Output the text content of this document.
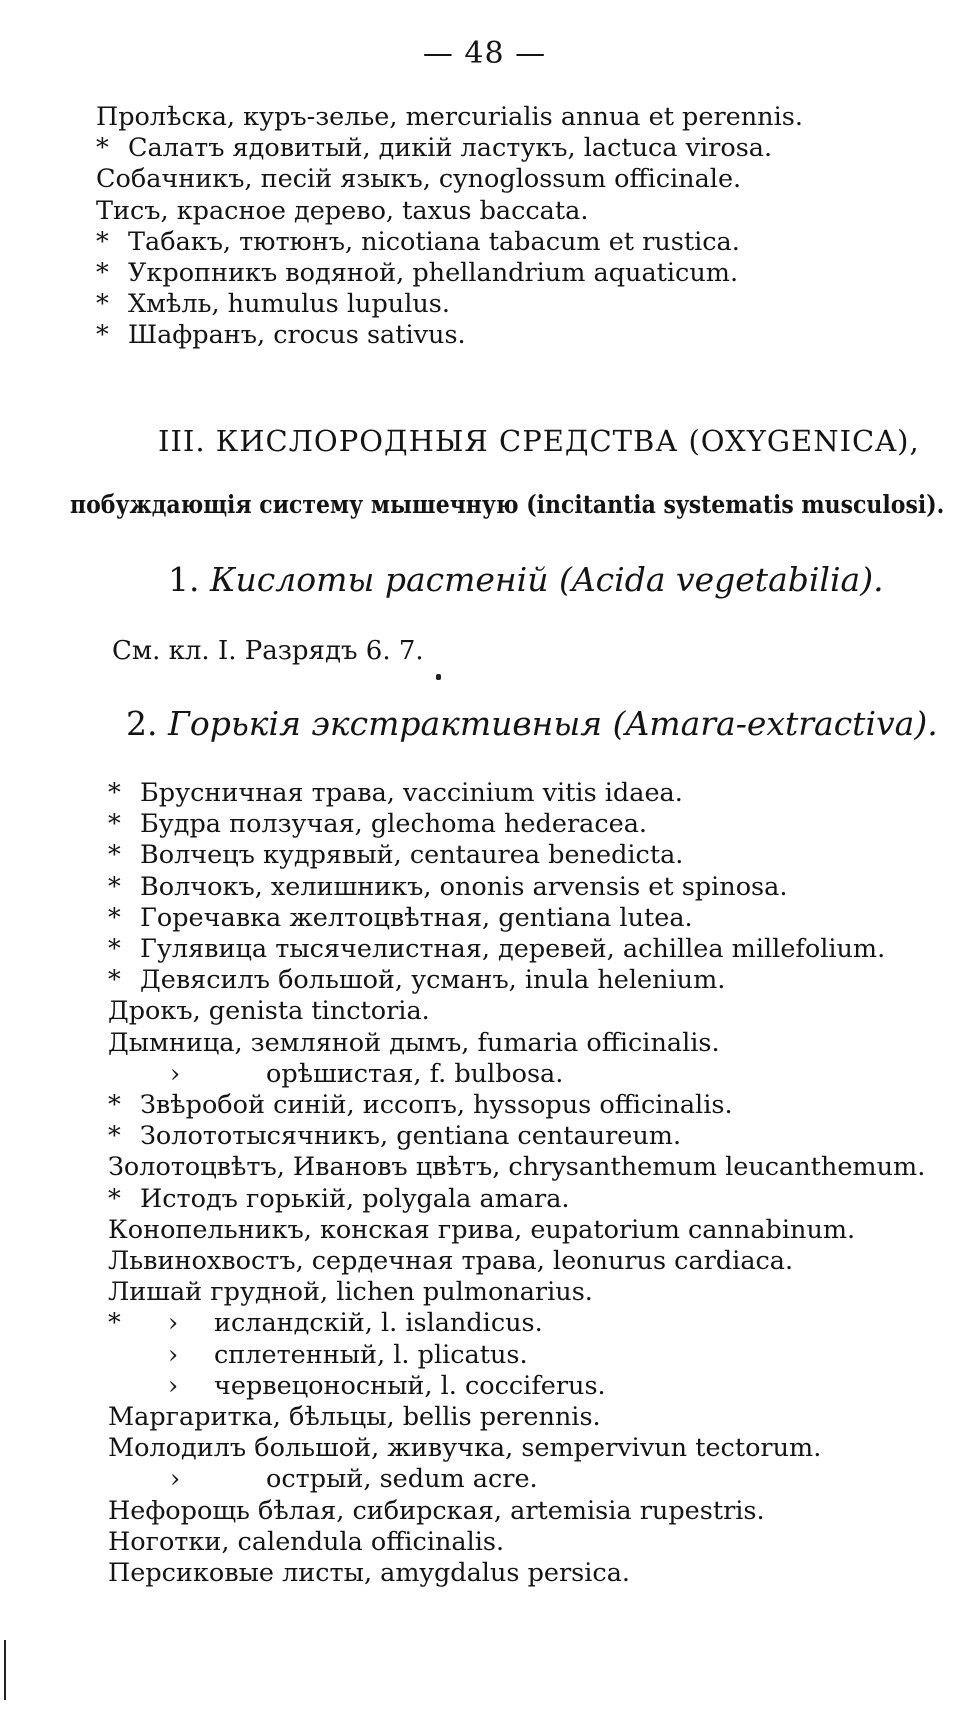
— 48 —
Пролѣска, куръ-зелье, mercurialis annua et perennis.
* Салатъ ядовитый, дикiй ластукъ, lactuca virosa.
Собачникъ, песiй языкъ, cynoglossum officinale.
Тисъ, красное дерево, taxus baccata.
* Табакъ, тютюнъ, nicotiana tabacum et rustica.
* Укропникъ водяной, phellandrium aquaticum.
* Хмѣль, humulus lupulus.
* Шафранъ, crocus sativus.
III. КИСЛОРОДНЫЯ СРЕДСТВА (OXYGENICA),
побуждающiя систему мышечную (incitantia systematis musculosi).
1. Кислоты растенiй (Acida vegetabilia).
См. кл. I. Разрядъ 6. 7.
2. Горькiя экстрактивныя (Amara-extractiva).
* Брусничная трава, vaccinium vitis idaea.
* Будра ползучая, glechoma hederacea.
* Волчецъ кудрявый, centaurea benedicta.
* Волчокъ, хелишникъ, ononis arvensis et spinosa.
* Горечавка желтоцвѣтная, gentiana lutea.
* Гулявица тысячелистная, деревей, achillea millefolium.
* Девясилъ большой, усманъ, inula helenium.
Дрокъ, genista tinctoria.
Дымница, земляной дымъ, fumaria officinalis.
›	орѣшистая, f. bulbosa.
* Звѣробой синiй, иссопъ, hyssopus officinalis.
* Золототысячникъ, gentiana centaureum.
Золотоцвѣтъ, Ивановъ цвѣтъ, chrysanthemum leucanthemum.
* Истодъ горькiй, polygala amara.
Конопельникъ, конская грива, eupatorium cannabinum.
Львинохвостъ, сердечная трава, leonurus cardiaca.
Лишай грудной, lichen pulmonarius.
* › исландскiй, l. islandicus.
› сплетенный, l. plicatus.
› червецоносный, l. cocciferus.
Маргаритка, бѣльцы, bellis perennis.
Молодилъ большой, живучка, sempervivun tectorum.
›	острый, sedum acre.
Нефорощь бѣлая, сибирская, artemisia rupestris.
Ноготки, calendula officinalis.
Персиковые листы, amygdalus persica.
